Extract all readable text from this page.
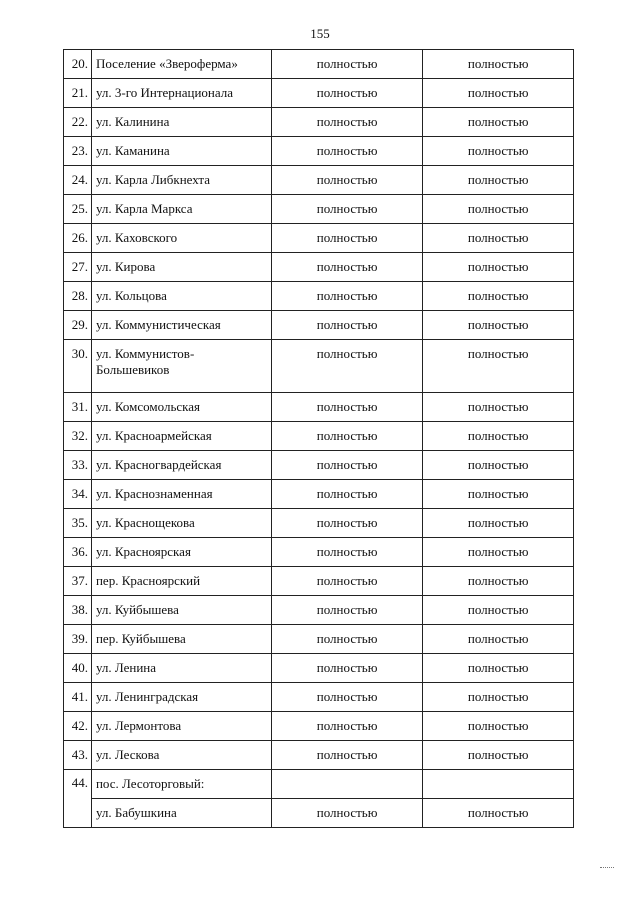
155
20.	Поселение «Звероферма»	полностью	полностью
21.	ул. 3-го Интернационала	полностью	полностью
22.	ул. Калинина	полностью	полностью
23.	ул. Каманина	полностью	полностью
24.	ул. Карла Либкнехта	полностью	полностью
25.	ул. Карла Маркса	полностью	полностью
26.	ул. Каховского	полностью	полностью
27.	ул. Кирова	полностью	полностью
28.	ул. Кольцова	полностью	полностью
29.	ул. Коммунистическая	полностью	полностью
30.	ул. Коммунистов-Большевиков	полностью	полностью
31.	ул. Комсомольская	полностью	полностью
32.	ул. Красноармейская	полностью	полностью
33.	ул. Красногвардейская	полностью	полностью
34.	ул. Краснознаменная	полностью	полностью
35.	ул. Краснощекова	полностью	полностью
36.	ул. Красноярская	полностью	полностью
37.	пер. Красноярский	полностью	полностью
38.	ул. Куйбышева	полностью	полностью
39.	пер. Куйбышева	полностью	полностью
40.	ул. Ленина	полностью	полностью
41.	ул. Ленинградская	полностью	полностью
42.	ул. Лермонтова	полностью	полностью
43.	ул. Лескова	полностью	полностью
44.	пос. Лесоторговый:		
	ул. Бабушкина	полностью	полностью
